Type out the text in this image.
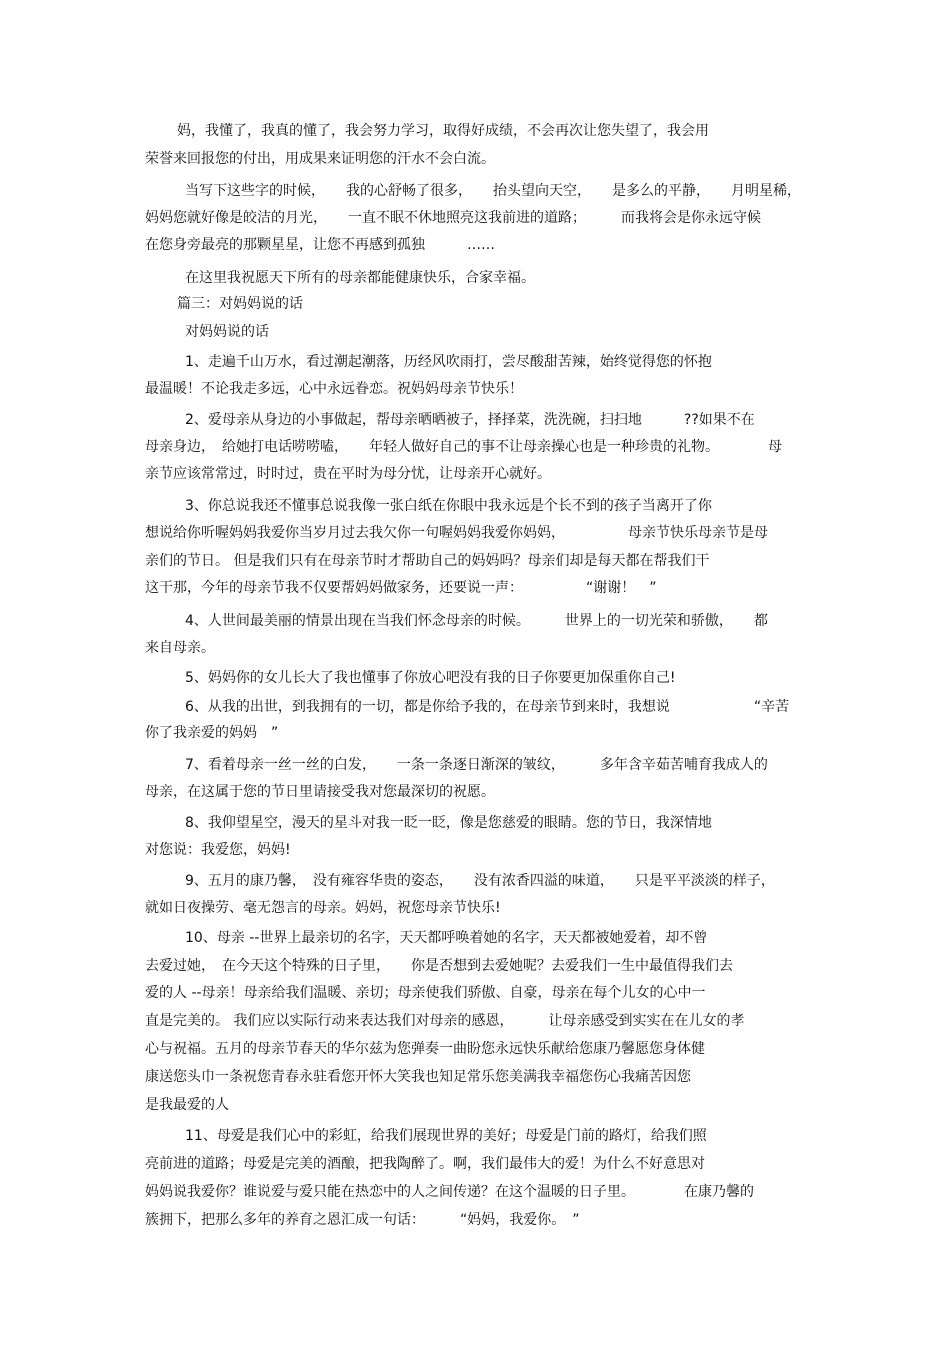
妈，我懂了，我真的懂了，我会努力学习，取得好成绩，不会再次让您失望了，我会用
荣誉来回报您的付出，用成果来证明您的汗水不会白流。
当写下这些字的时候，　　我的心舒畅了很多，　　抬头望向天空，　　是多么的平静，　　月明星稀，
妈妈您就好像是皎洁的月光，　　一直不眠不休地照亮这我前进的道路；　　　而我将会是你永远守候
在您身旁最亮的那颗星星，让您不再感到孤独　　　……
在这里我祝愿天下所有的母亲都能健康快乐，合家幸福。
篇三：对妈妈说的话
对妈妈说的话
1、走遍千山万水，看过潮起潮落，历经风吹雨打，尝尽酸甜苦辣，始终觉得您的怀抱
最温暖！不论我走多远，心中永远眷恋。祝妈妈母亲节快乐！
2、爱母亲从身边的小事做起，帮母亲晒晒被子，择择菜，洗洗碗，扫扫地　　　??如果不在
母亲身边，　给她打电话唠唠嗑，　　年轻人做好自己的事不让母亲操心也是一种珍贵的礼物。　　　　母
亲节应该常常过，时时过，贵在平时为母分忧，让母亲开心就好。
3、你总说我还不懂事总说我像一张白纸在你眼中我永远是个长不到的孩子当离开了你
想说给你听喔妈妈我爱你当岁月过去我欠你一句喔妈妈我爱你妈妈，　　　　　母亲节快乐母亲节是母
亲们的节日。 但是我们只有在母亲节时才帮助自己的妈妈吗？母亲们却是每天都在帮我们干
这干那，今年的母亲节我不仅要帮妈妈做家务，还要说一声：　　　　　“谢谢！　”
4、人世间最美丽的情景出现在当我们怀念母亲的时候。　　　世界上的一切光荣和骄傲，　　都
来自母亲。
5、妈妈你的女儿长大了我也懂事了你放心吧没有我的日子你要更加保重你自己!
6、从我的出世，到我拥有的一切，都是你给予我的，在母亲节到来时，我想说　　　　　　“辛苦
你了我亲爱的妈妈　”
7、看着母亲一丝一丝的白发，　　一条一条逐日渐深的皱纹，　　　多年含辛茹苦哺育我成人的
母亲，在这属于您的节日里请接受我对您最深切的祝愿。
8、我仰望星空，漫天的星斗对我一眨一眨，像是您慈爱的眼睛。您的节日，我深情地
对您说：我爱您，妈妈!
9、五月的康乃馨，　没有雍容华贵的姿态，　　没有浓香四溢的味道，　　只是平平淡淡的样子，
就如日夜操劳、毫无怨言的母亲。妈妈，祝您母亲节快乐!
10、母亲 --世界上最亲切的名字，天天都呼唤着她的名字，天天都被她爱着，却不曾
去爱过她，　在今天这个特殊的日子里，　　你是否想到去爱她呢？去爱我们一生中最值得我们去
爱的人 --母亲！母亲给我们温暖、亲切；母亲使我们骄傲、自豪，母亲在每个儿女的心中一
直是完美的。 我们应以实际行动来表达我们对母亲的感恩，　　　让母亲感受到实实在在儿女的孝
心与祝福。五月的母亲节春天的华尔兹为您弹奏一曲盼您永远快乐献给您康乃馨愿您身体健
康送您头巾一条祝您青春永驻看您开怀大笑我也知足常乐您美满我幸福您伤心我痛苦因您
是我最爱的人
11、母爱是我们心中的彩虹，给我们展现世界的美好；母爱是门前的路灯，给我们照
亮前进的道路；母爱是完美的酒酿，把我陶醉了。啊，我们最伟大的爱！为什么不好意思对
妈妈说我爱你？谁说爱与爱只能在热恋中的人之间传递？在这个温暖的日子里。　　　　在康乃馨的
簇拥下，把那么多年的养育之恩汇成一句话：　　　“妈妈，我爱你。　”
